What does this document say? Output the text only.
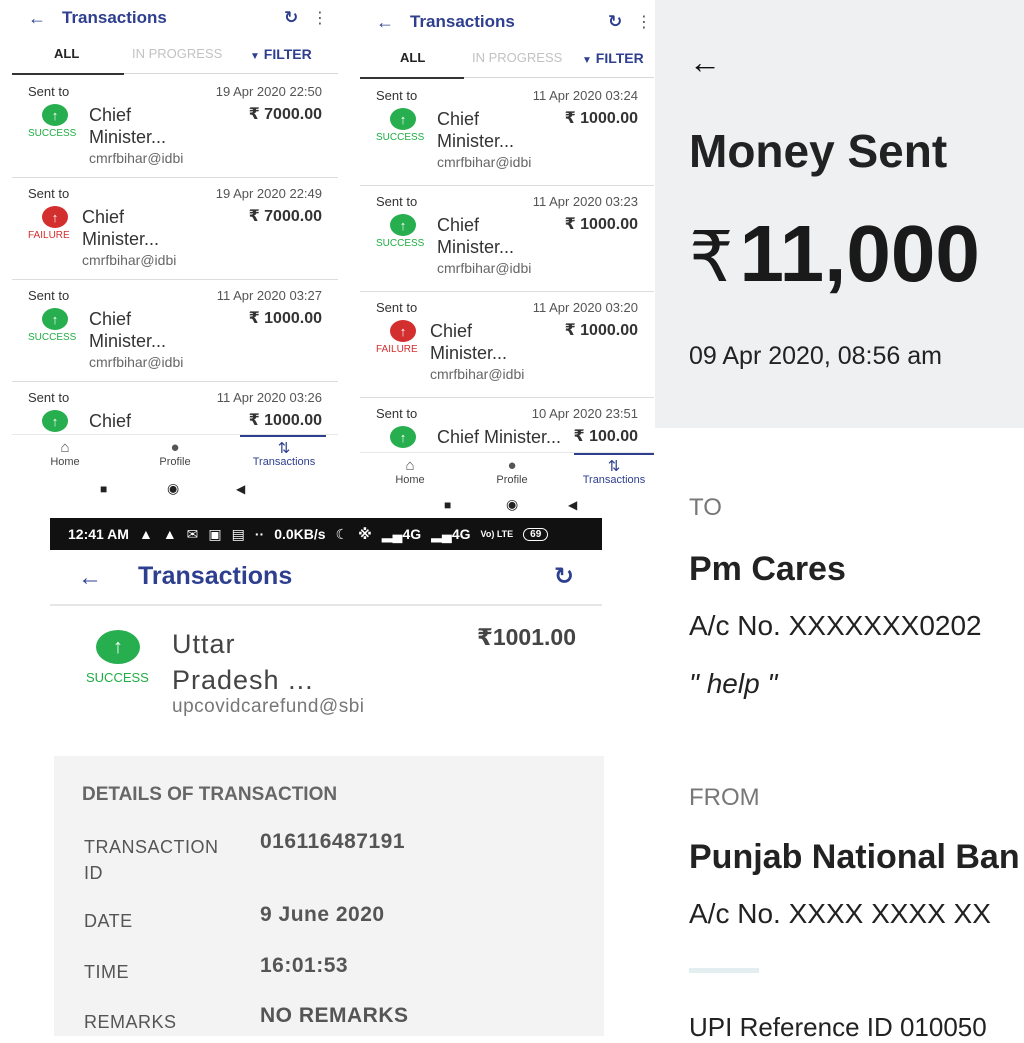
← Transactions	↻ ⋮
ALL	IN PROGRESS	▼ FILTER
Sent to	19 Apr 2020 22:50
↑
SUCCESS
Chief
Minister...
cmrfbihar@idbi
₹ 7000.00
Sent to	19 Apr 2020 22:49
↑
FAILURE
Chief
Minister...
cmrfbihar@idbi
₹ 7000.00
Sent to	11 Apr 2020 03:27
↑
SUCCESS
Chief
Minister...
cmrfbihar@idbi
₹ 1000.00
Sent to	11 Apr 2020 03:26
↑	Chief	₹ 1000.00
⌂
Home
●
Profile
⇅
Transactions
■	◉	◀
← Transactions	↻ ⋮
ALL	IN PROGRESS ▼ FILTER
Sent to	11 Apr 2020 03:24
↑
SUCCESS
Chief
Minister...
cmrfbihar@idbi
₹ 1000.00
Sent to	11 Apr 2020 03:23
↑
SUCCESS
Chief
Minister...
cmrfbihar@idbi
₹ 1000.00
Sent to	11 Apr 2020 03:20
↑
FAILURE
Chief
Minister...
cmrfbihar@idbi
₹ 1000.00
Sent to	10 Apr 2020 23:51
↑	Chief Minister... ₹ 100.00
⌂
Home
●
Profile
⇅
Transactions
■	◉	◀
←
Money Sent
₹11,000
09 Apr 2020, 08:56 am
TO
Pm Cares
A/c No. XXXXXXX0202
" help "
FROM
Punjab National Ban
A/c No. XXXX XXXX XX
UPI Reference ID 010050
12:41 AM ▲ ▲ ✉ ▣ ▤ ·· 0.0KB/s ☾ ※ ▂▄ 4G ▂▄ 4G Vo) LTE	69
← Transactions	↻
↑
SUCCESS
Uttar
Pradesh ...
upcovidcarefund@sbi
₹1001.00
DETAILS OF TRANSACTION
TRANSACTION
ID
016116487191
DATE	9 June 2020
TIME	16:01:53
REMARKS	NO REMARKS
